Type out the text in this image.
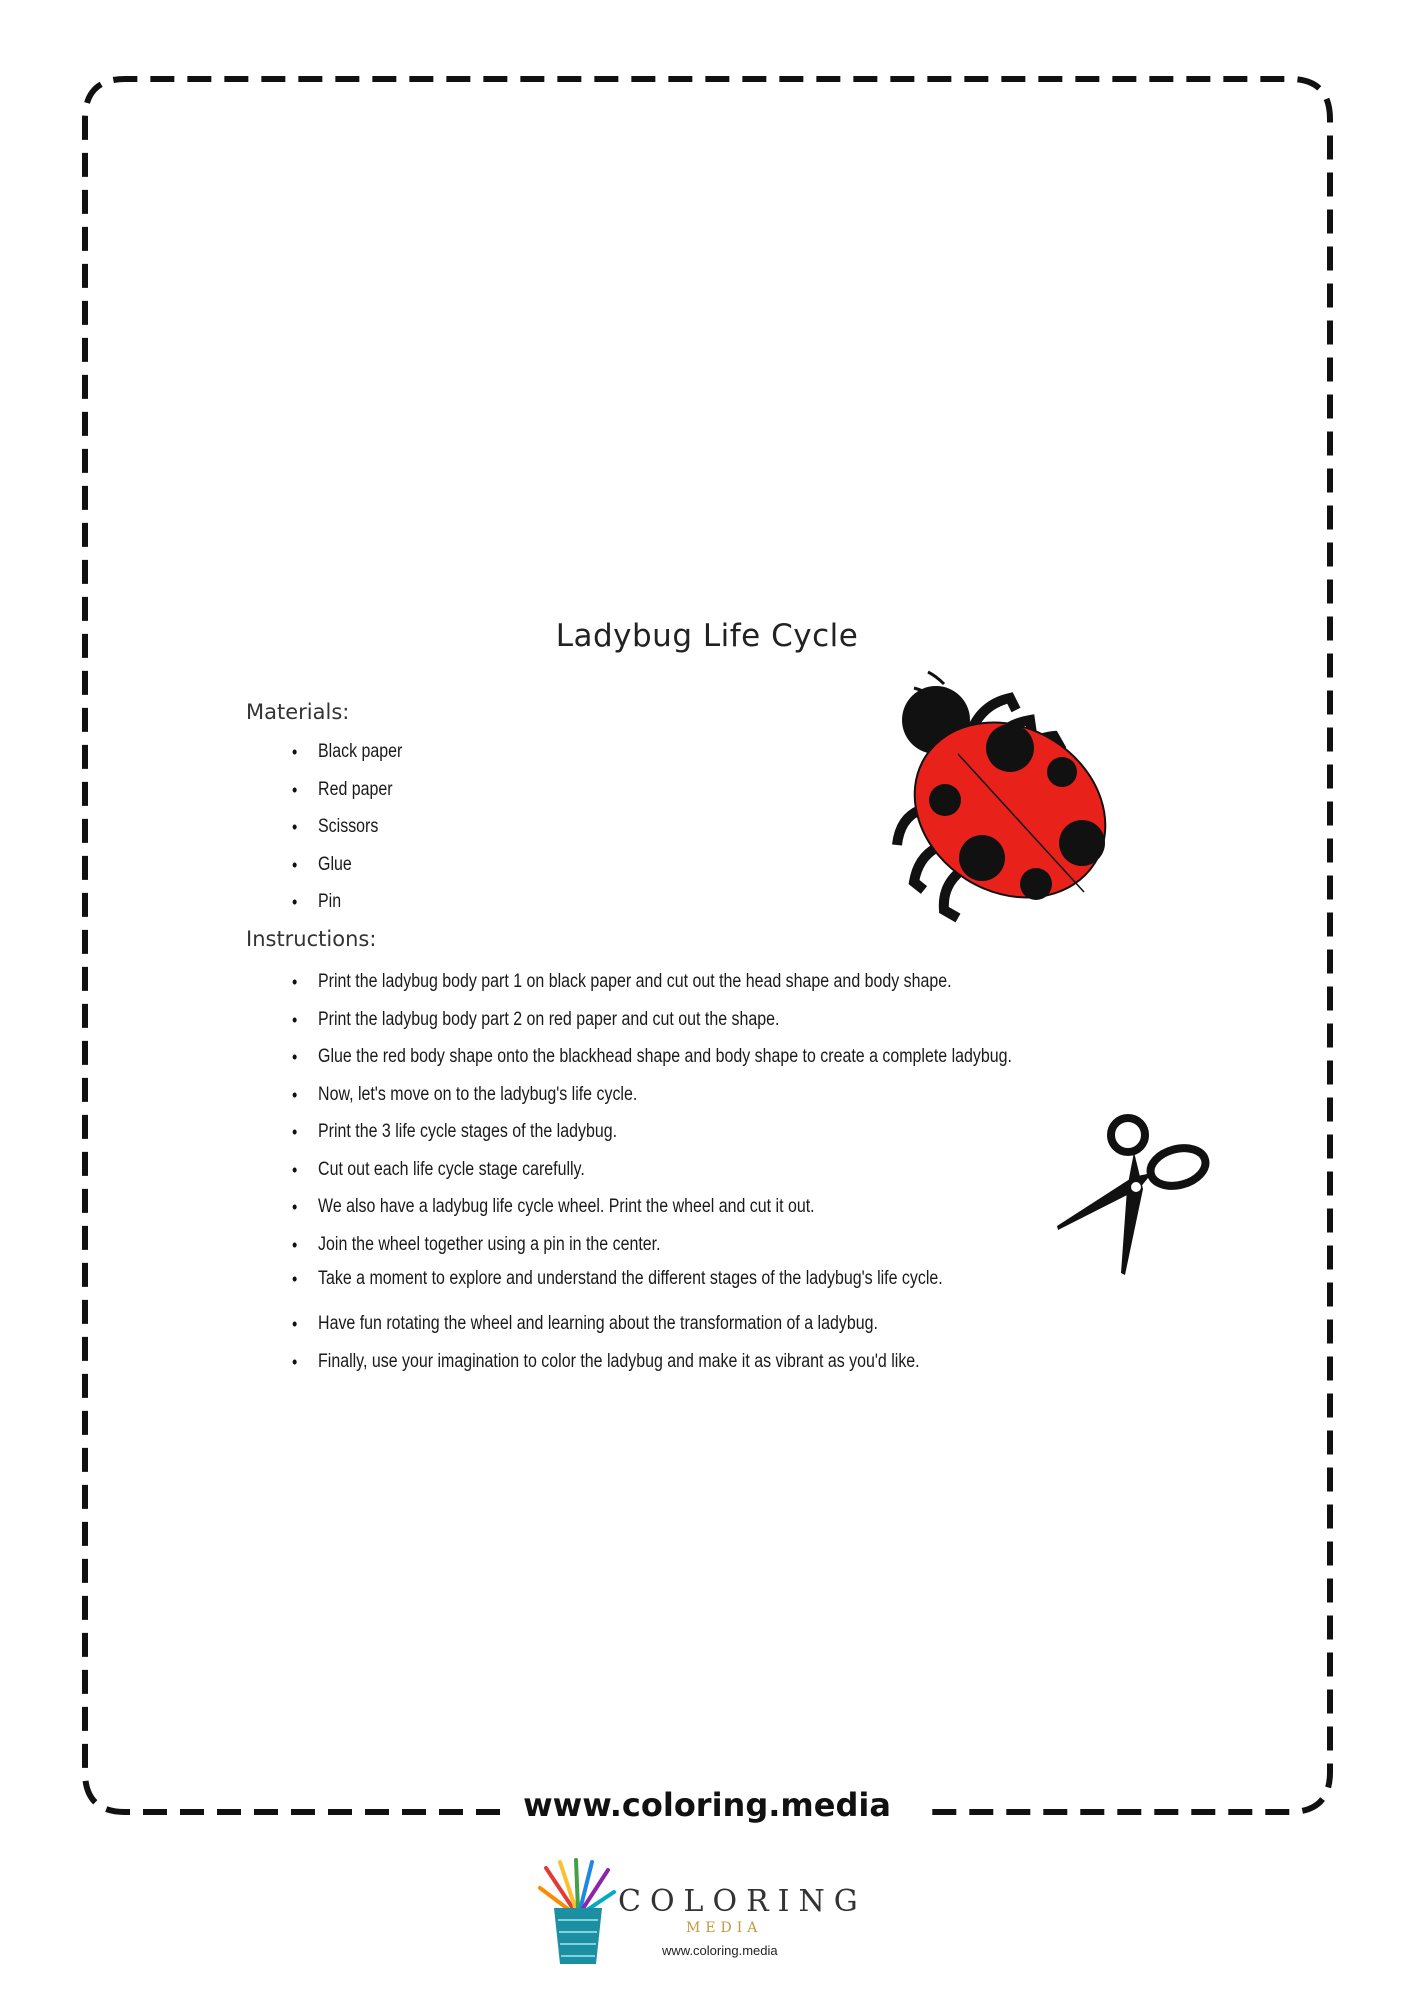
Ladybug Life Cycle
Materials:
• Black paper
• Red paper
• Scissors
• Glue
• Pin
Instructions:
• Print the ladybug body part 1 on black paper and cut out the head shape and body shape.
• Print the ladybug body part 2 on red paper and cut out the shape.
• Glue the red body shape onto the blackhead shape and body shape to create a complete ladybug.
• Now, let's move on to the ladybug's life cycle.
• Print the 3 life cycle stages of the ladybug.
• Cut out each life cycle stage carefully.
• We also have a ladybug life cycle wheel. Print the wheel and cut it out.
• Join the wheel together using a pin in the center.
• Take a moment to explore and understand the different stages of the ladybug's life cycle.
• Have fun rotating the wheel and learning about the transformation of a ladybug.
• Finally, use your imagination to color the ladybug and make it as vibrant as you'd like.
www.coloring.media
COLORING
MEDIA
www.coloring.media
